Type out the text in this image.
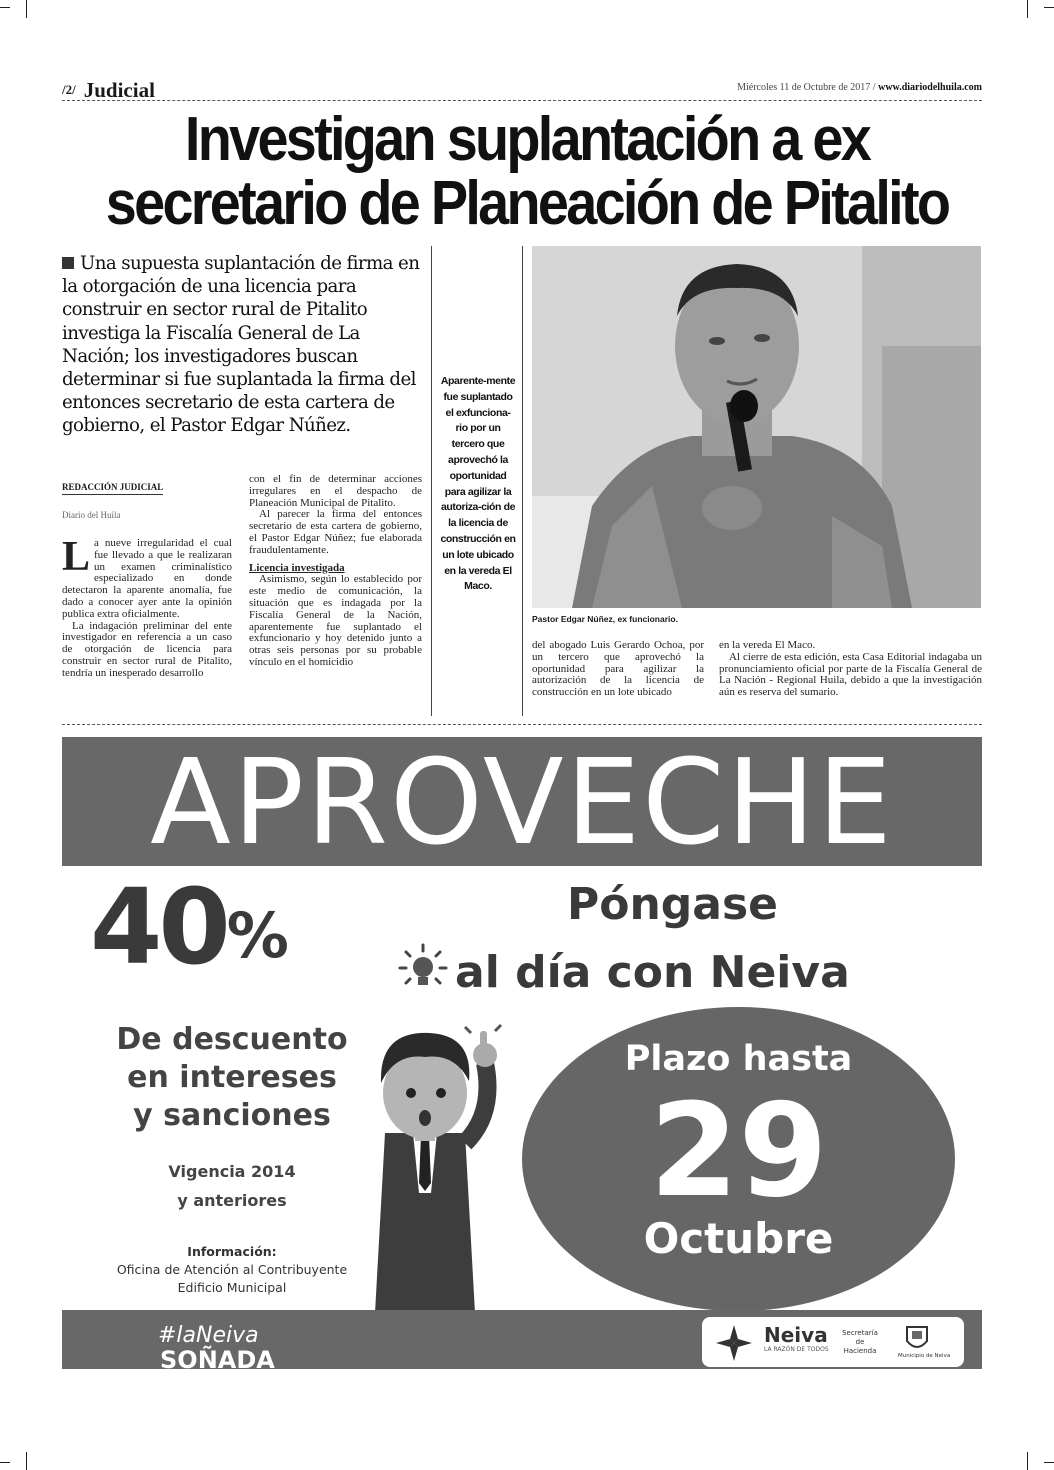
/2/ Judicial	Miércoles 11 de Octubre de 2017 / www.diariodelhuila.com
Investigan suplantación a ex
secretario de Planeación de Pitalito
Una supuesta suplantación de firma en la otorgación de una licencia para construir en sector rural de Pitalito investiga la Fiscalía General de La Nación; los investigadores buscan determinar si fue suplantada la firma del entonces secretario de esta cartera de gobierno, el Pastor Edgar Núñez.
REDACCIÓN JUDICIAL
Diario del Huila

La nueve irregularidad el cual fue llevado a que le realizaran un examen criminalístico especializado en donde detectaron la aparente anomalía, fue dado a conocer ayer ante la opinión publica extra oficialmente.

La indagación preliminar del ente investigador en referencia a un caso de otorgación de licencia para construir en sector rural de Pitalito, tendría un inesperado desarrollo

con el fin de determinar acciones irregulares en el despacho de Planeación Municipal de Pitalito.

Al parecer la firma del entonces secretario de esta cartera de gobierno, el Pastor Edgar Núñez; fue elaborada fraudulentamente.

Licencia investigada

Asimismo, según lo establecido por este medio de comunicación, la situación que es indagada por la Fiscalía General de la Nación, aparentemente fue suplantado el exfuncionario y hoy detenido junto a otras seis personas por su probable vínculo en el homicidio

Aparente-mente fue suplantado el exfunciona-rio por un tercero que aprovechó la oportunidad para agilizar la autoriza-ción de la licencia de construcción en un lote ubicado en la vereda El Maco.
Pastor Edgar Núñez, ex funcionario.

del abogado Luis Gerardo Ochoa, por un tercero que aprovechó la oportunidad para agilizar la autorización de la licencia de construcción en un lote ubicado

en la vereda El Maco.

Al cierre de esta edición, esta Casa Editorial indagaba un pronunciamiento oficial por parte de la Fiscalía General de La Nación - Regional Huila, debido a que la investigación aún es reserva del sumario.

APROVECHE
40%	Póngase
al día con Neiva
De descuento
en intereses
y sanciones
Vigencia 2014
y anteriores
Información:
Oficina de Atención al Contribuyente
Edificio Municipal
Plazo hasta
29
Octubre
#laNeiva
SOÑADA
Neiva
LA RAZÓN DE TODOS
Secretaría de Hacienda
Municipio de Neiva
